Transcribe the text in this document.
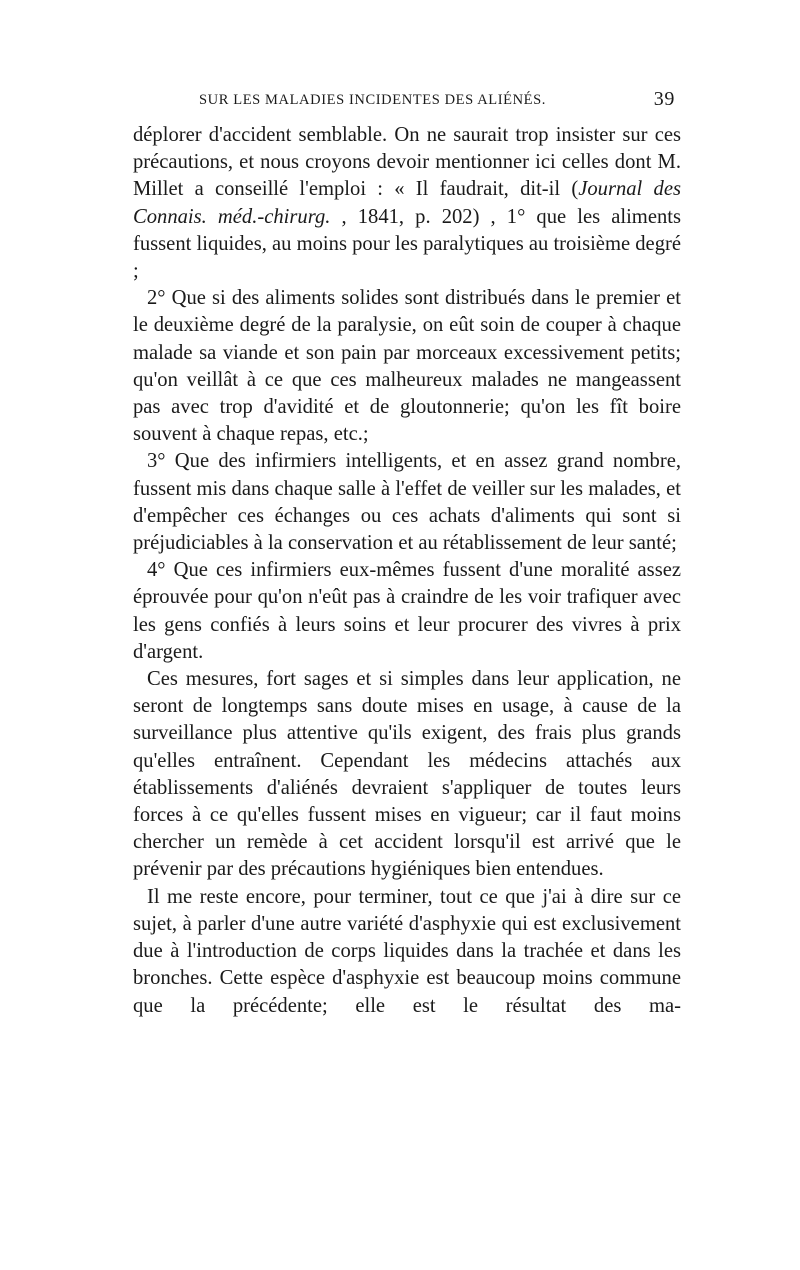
SUR LES MALADIES INCIDENTES DES ALIÉNÉS.	39

déplorer d'accident semblable. On ne saurait trop insister sur ces précautions, et nous croyons devoir mentionner ici celles dont M. Millet a conseillé l'emploi : « Il faudrait, dit-il (Journal des Connais. méd.-chirurg. , 1841, p. 202) , 1° que les aliments fussent liquides, au moins pour les paralytiques au troisième degré ;

2° Que si des aliments solides sont distribués dans le premier et le deuxième degré de la paralysie, on eût soin de couper à chaque malade sa viande et son pain par morceaux excessivement petits; qu'on veillât à ce que ces malheureux malades ne mangeassent pas avec trop d'avidité et de gloutonnerie; qu'on les fît boire souvent à chaque repas, etc.;

3° Que des infirmiers intelligents, et en assez grand nombre, fussent mis dans chaque salle à l'effet de veiller sur les malades, et d'empêcher ces échanges ou ces achats d'aliments qui sont si préjudiciables à la conservation et au rétablissement de leur santé;

4° Que ces infirmiers eux-mêmes fussent d'une moralité assez éprouvée pour qu'on n'eût pas à craindre de les voir trafiquer avec les gens confiés à leurs soins et leur procurer des vivres à prix d'argent.

Ces mesures, fort sages et si simples dans leur application, ne seront de longtemps sans doute mises en usage, à cause de la surveillance plus attentive qu'ils exigent, des frais plus grands qu'elles entraînent. Cependant les médecins attachés aux établissements d'aliénés devraient s'appliquer de toutes leurs forces à ce qu'elles fussent mises en vigueur; car il faut moins chercher un remède à cet accident lorsqu'il est arrivé que le prévenir par des précautions hygiéniques bien entendues.

Il me reste encore, pour terminer, tout ce que j'ai à dire sur ce sujet, à parler d'une autre variété d'asphyxie qui est exclusivement due à l'introduction de corps liquides dans la trachée et dans les bronches. Cette espèce d'asphyxie est beaucoup moins commune que la précédente; elle est le résultat des ma-
